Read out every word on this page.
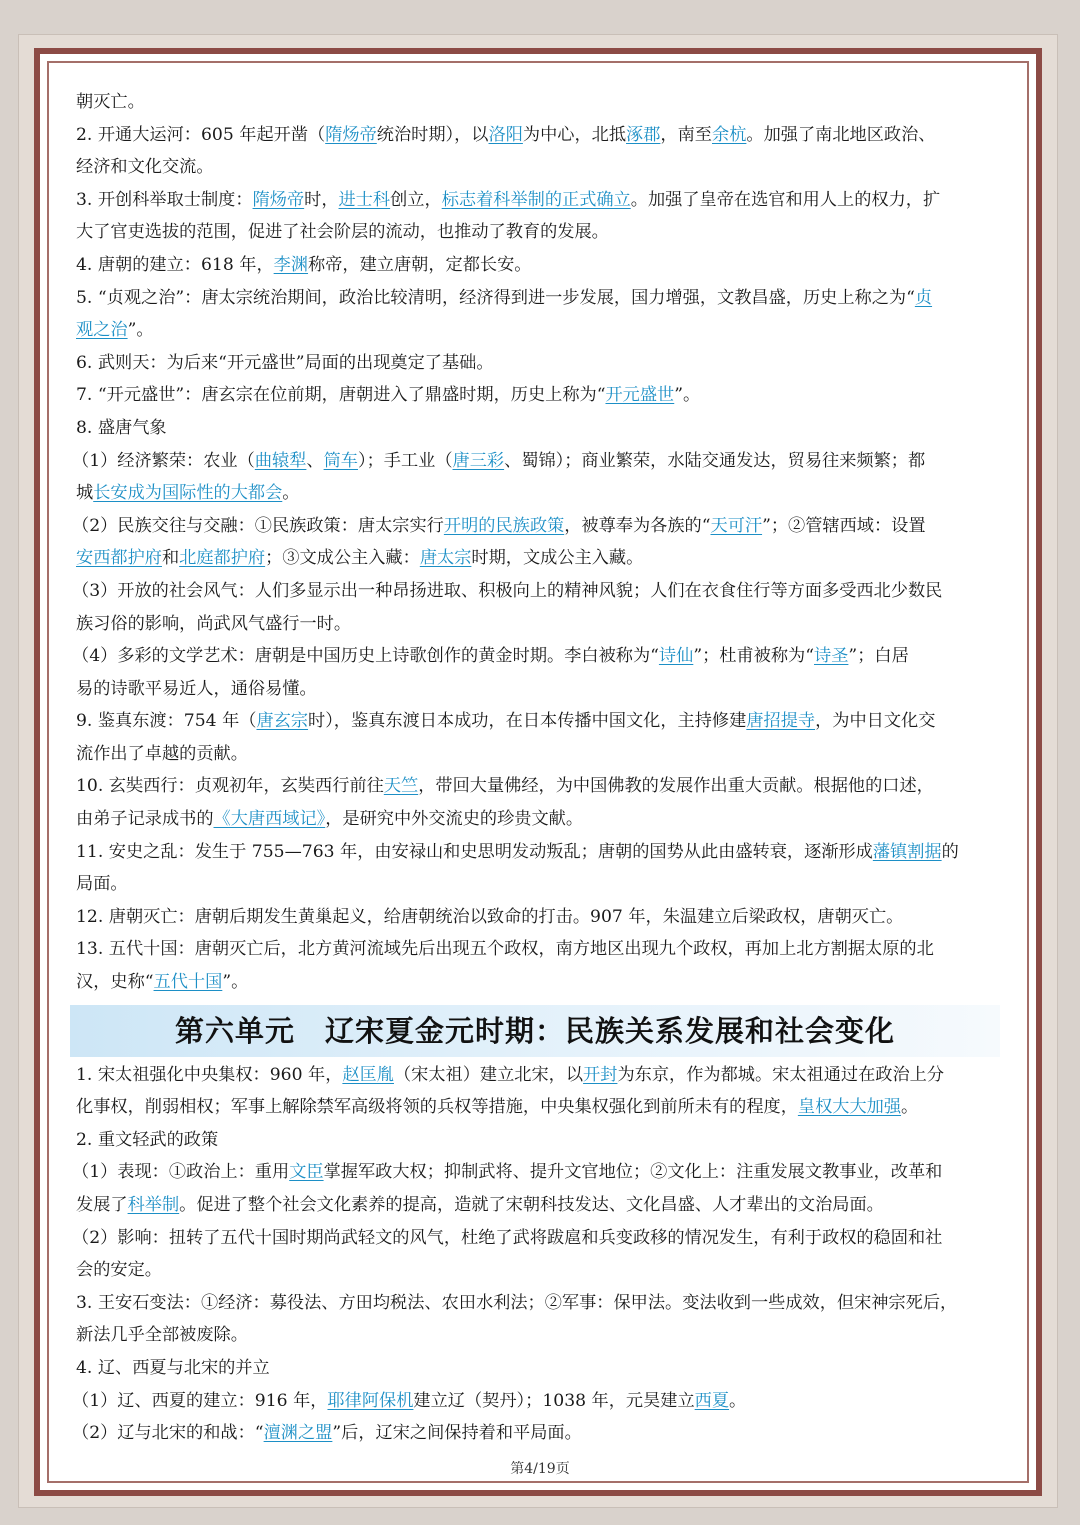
朝灭亡。

2. 开通大运河：605 年起开凿（隋炀帝统治时期），以洛阳为中心，北抵涿郡，南至余杭。加强了南北地区政治、

经济和文化交流。

3. 开创科举取士制度：隋炀帝时，进士科创立，标志着科举制的正式确立。加强了皇帝在选官和用人上的权力，扩

大了官吏选拔的范围，促进了社会阶层的流动，也推动了教育的发展。

4. 唐朝的建立：618 年，李渊称帝，建立唐朝，定都长安。

5. “贞观之治”：唐太宗统治期间，政治比较清明，经济得到进一步发展，国力增强，文教昌盛，历史上称之为“贞

观之治”。

6. 武则天：为后来“开元盛世”局面的出现奠定了基础。

7. “开元盛世”：唐玄宗在位前期，唐朝进入了鼎盛时期，历史上称为“开元盛世”。

8. 盛唐气象

（1）经济繁荣：农业（曲辕犁、筒车）；手工业（唐三彩、蜀锦）；商业繁荣，水陆交通发达，贸易往来频繁；都

城长安成为国际性的大都会。

（2）民族交往与交融：①民族政策：唐太宗实行开明的民族政策，被尊奉为各族的“天可汗”；②管辖西域：设置

安西都护府和北庭都护府；③文成公主入藏：唐太宗时期，文成公主入藏。

（3）开放的社会风气：人们多显示出一种昂扬进取、积极向上的精神风貌；人们在衣食住行等方面多受西北少数民

族习俗的影响，尚武风气盛行一时。

（4）多彩的文学艺术：唐朝是中国历史上诗歌创作的黄金时期。李白被称为“诗仙”；杜甫被称为“诗圣”；白居

易的诗歌平易近人，通俗易懂。

9. 鉴真东渡：754 年（唐玄宗时），鉴真东渡日本成功，在日本传播中国文化，主持修建唐招提寺，为中日文化交

流作出了卓越的贡献。

10. 玄奘西行：贞观初年，玄奘西行前往天竺，带回大量佛经，为中国佛教的发展作出重大贡献。根据他的口述，

由弟子记录成书的《大唐西域记》，是研究中外交流史的珍贵文献。

11. 安史之乱：发生于 755—763 年，由安禄山和史思明发动叛乱；唐朝的国势从此由盛转衰，逐渐形成藩镇割据的

局面。

12. 唐朝灭亡：唐朝后期发生黄巢起义，给唐朝统治以致命的打击。907 年，朱温建立后梁政权，唐朝灭亡。

13. 五代十国：唐朝灭亡后，北方黄河流域先后出现五个政权，南方地区出现九个政权，再加上北方割据太原的北

汉，史称“五代十国”。

第六单元　辽宋夏金元时期：民族关系发展和社会变化

1. 宋太祖强化中央集权：960 年，赵匡胤（宋太祖）建立北宋，以开封为东京，作为都城。宋太祖通过在政治上分

化事权，削弱相权；军事上解除禁军高级将领的兵权等措施，中央集权强化到前所未有的程度，皇权大大加强。

2. 重文轻武的政策

（1）表现：①政治上：重用文臣掌握军政大权；抑制武将、提升文官地位；②文化上：注重发展文教事业，改革和

发展了科举制。促进了整个社会文化素养的提高，造就了宋朝科技发达、文化昌盛、人才辈出的文治局面。

（2）影响：扭转了五代十国时期尚武轻文的风气，杜绝了武将跋扈和兵变政移的情况发生，有利于政权的稳固和社

会的安定。

3. 王安石变法：①经济：募役法、方田均税法、农田水利法；②军事：保甲法。变法收到一些成效，但宋神宗死后，

新法几乎全部被废除。

4. 辽、西夏与北宋的并立

（1）辽、西夏的建立：916 年，耶律阿保机建立辽（契丹）；1038 年，元昊建立西夏。

（2）辽与北宋的和战：“澶渊之盟”后，辽宋之间保持着和平局面。

第4/19页
